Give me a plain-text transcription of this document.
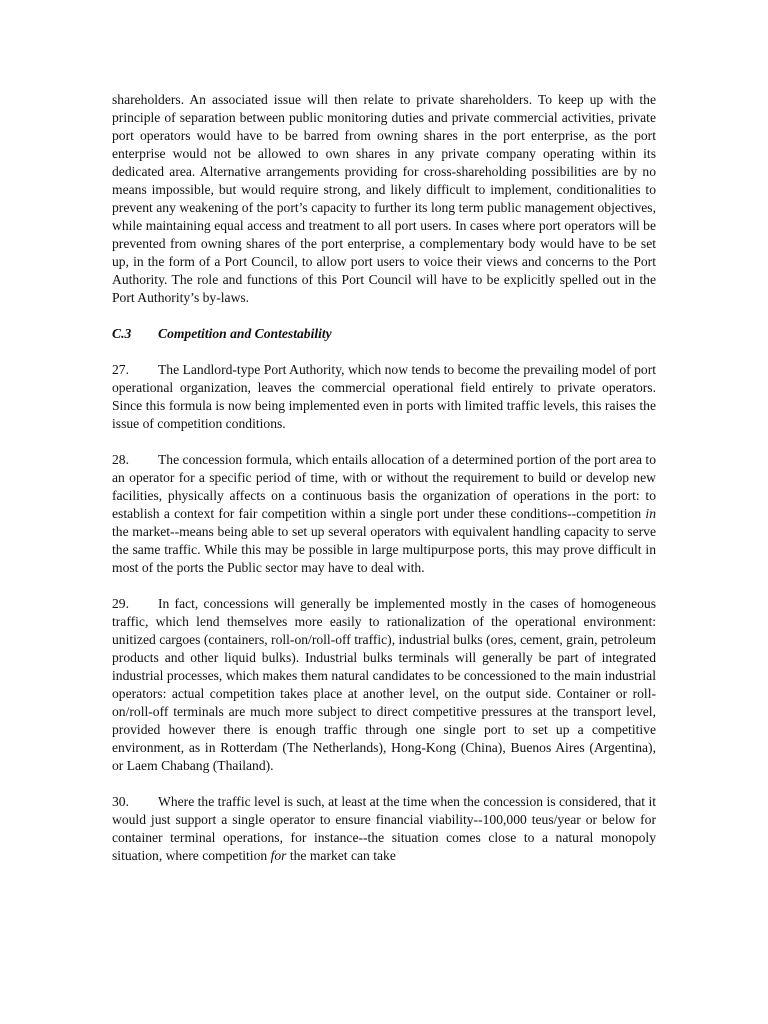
shareholders. An associated issue will then relate to private shareholders. To keep up with the principle of separation between public monitoring duties and private commercial activities, private port operators would have to be barred from owning shares in the port enterprise, as the port enterprise would not be allowed to own shares in any private company operating within its dedicated area. Alternative arrangements providing for cross-shareholding possibilities are by no means impossible, but would require strong, and likely difficult to implement, conditionalities to prevent any weakening of the port’s capacity to further its long term public management objectives, while maintaining equal access and treatment to all port users. In cases where port operators will be prevented from owning shares of the port enterprise, a complementary body would have to be set up, in the form of a Port Council, to allow port users to voice their views and concerns to the Port Authority. The role and functions of this Port Council will have to be explicitly spelled out in the Port Authority’s by-laws.

C.3 Competition and Contestability

27. The Landlord-type Port Authority, which now tends to become the prevailing model of port operational organization, leaves the commercial operational field entirely to private operators. Since this formula is now being implemented even in ports with limited traffic levels, this raises the issue of competition conditions.

28. The concession formula, which entails allocation of a determined portion of the port area to an operator for a specific period of time, with or without the requirement to build or develop new facilities, physically affects on a continuous basis the organization of operations in the port: to establish a context for fair competition within a single port under these conditions--competition in the market--means being able to set up several operators with equivalent handling capacity to serve the same traffic. While this may be possible in large multipurpose ports, this may prove difficult in most of the ports the Public sector may have to deal with.

29. In fact, concessions will generally be implemented mostly in the cases of homogeneous traffic, which lend themselves more easily to rationalization of the operational environment: unitized cargoes (containers, roll-on/roll-off traffic), industrial bulks (ores, cement, grain, petroleum products and other liquid bulks). Industrial bulks terminals will generally be part of integrated industrial processes, which makes them natural candidates to be concessioned to the main industrial operators: actual competition takes place at another level, on the output side. Container or roll-on/roll-off terminals are much more subject to direct competitive pressures at the transport level, provided however there is enough traffic through one single port to set up a competitive environment, as in Rotterdam (The Netherlands), Hong-Kong (China), Buenos Aires (Argentina), or Laem Chabang (Thailand).

30. Where the traffic level is such, at least at the time when the concession is considered, that it would just support a single operator to ensure financial viability--100,000 teus/year or below for container terminal operations, for instance--the situation comes close to a natural monopoly situation, where competition for the market can take
